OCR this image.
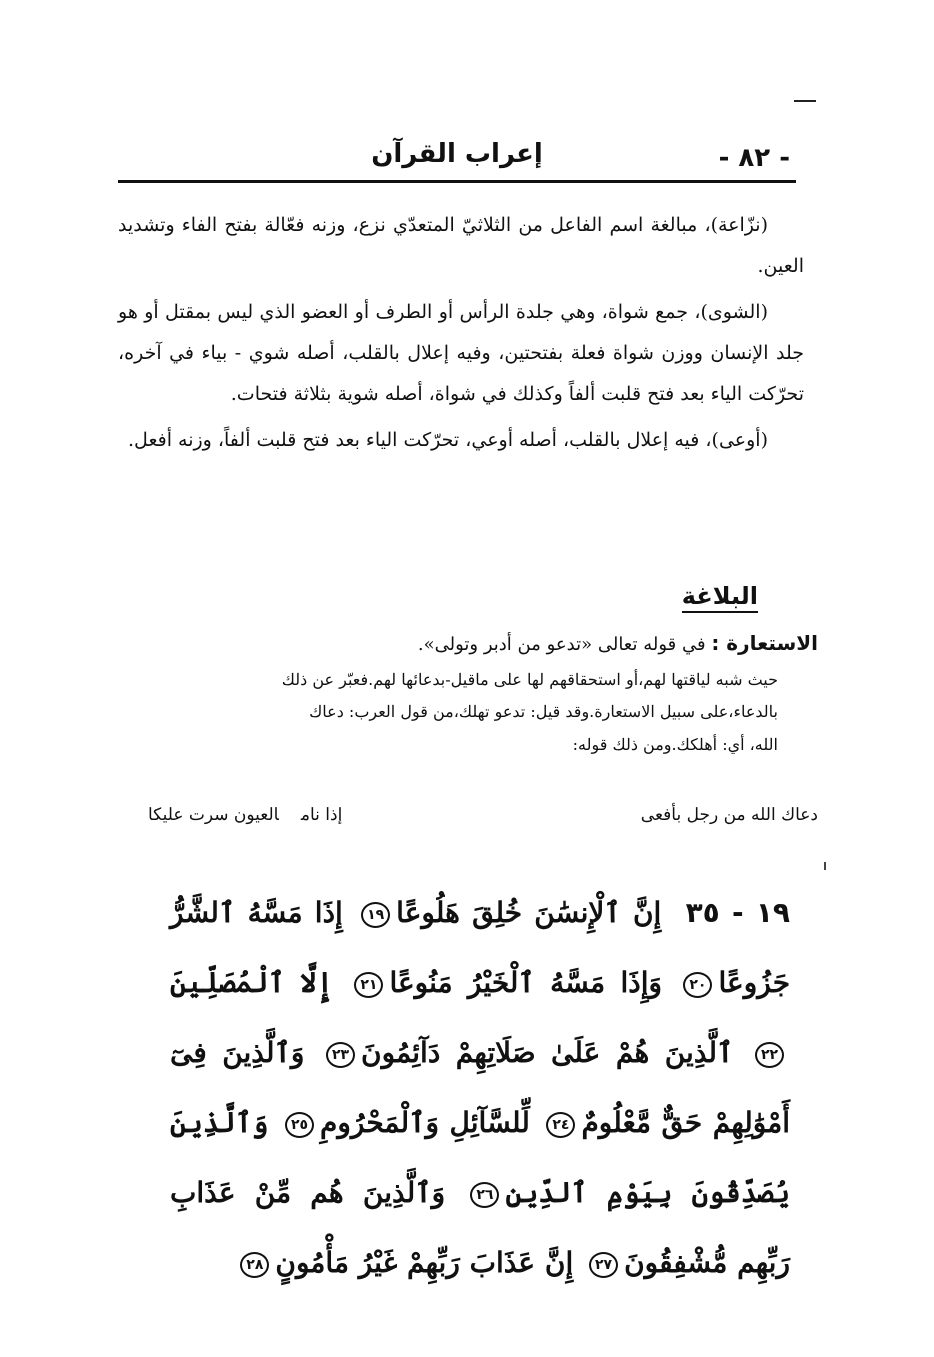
- ٨٢ -
إعراب القرآن

(نزّاعة)، مبالغة اسم الفاعل من الثلاثيّ المتعدّي نزع، وزنه فعّالة بفتح الفاء وتشديد العين.

(الشوى)، جمع شواة، وهي جلدة الرأس أو الطرف أو العضو الذي ليس بمقتل أو هو جلد الإنسان ووزن شواة فعلة بفتحتين، وفيه إعلال بالقلب، أصله شوي - بياء في آخره، تحرّكت الياء بعد فتح قلبت ألفاً وكذلك في شواة، أصله شوية بثلاثة فتحات.

(أوعى)، فيه إعلال بالقلب، أصله أوعي، تحرّكت الياء بعد فتح قلبت ألفاً، وزنه أفعل.

البلاغة
الاستعارة : في قوله تعالى «تدعو من أدبر وتولى».
حيث شبه لياقتها لهم،أو استحقاقهم لها على ماقيل-بدعائها لهم.فعبّر عن ذلك
بالدعاء،على سبيل الاستعارة.وقد قيل: تدعو تهلك،من قول العرب: دعاك
الله، أي: أهلكك.ومن ذلك قوله:
دعاك الله من رجل بأفعى
إذا نامالعيون سرت عليكا
١٩ - ٣٥ إِنَّ ٱلْإِنسَٰنَ خُلِقَ هَلُوعًا١٩ إِذَا مَسَّهُ ٱلشَّرُّ جَزُوعًا٢٠ وَإِذَا مَسَّهُ ٱلْخَيْرُ مَنُوعًا٢١ إِلَّا ٱلْمُصَلِّينَ٢٢ ٱلَّذِينَ هُمْ عَلَىٰ صَلَاتِهِمْ دَآئِمُونَ٢٣ وَٱلَّذِينَ فِىٓ أَمْوَٰلِهِمْ حَقٌّ مَّعْلُومٌ٢٤ لِّلسَّآئِلِ وَٱلْمَحْرُومِ٢٥ وَٱلَّذِينَ يُصَدِّقُونَ بِيَوْمِ ٱلدِّينِ٢٦ وَٱلَّذِينَ هُم مِّنْ عَذَابِ رَبِّهِم مُّشْفِقُونَ٢٧ إِنَّ عَذَابَ رَبِّهِمْ غَيْرُ مَأْمُونٍ٢٨
